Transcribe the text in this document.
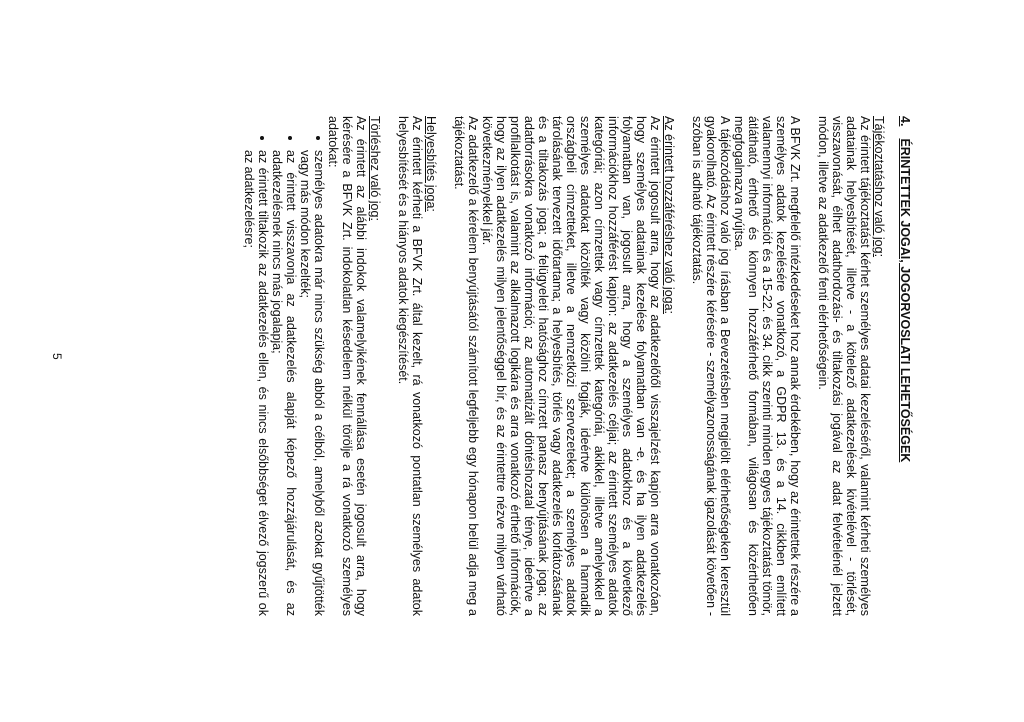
4.ÉRINTETTEK JOGAI, JOGORVOSLATI LEHETŐSÉGEK

Tájékoztatáshoz való jog:

Az érintett tájékoztatást kérhet személyes adatai kezeléséről, valamint kérheti személyes adatainak helyesbítését, illetve - a kötelező adatkezelések kivételével - törlését, visszavonását, élhet adathordozási- és tiltakozási jogával az adat felvételénél jelzett módon, illetve az adatkezelő fenti elérhetőségein.

A BFVK Zrt. megfelelő intézkedéseket hoz annak érdekében, hogy az érintettek részére a személyes adatok kezelésére vonatkozó, a GDPR 13. és a 14. cikkben említett valamennyi információt és a 15-22. és 34. cikk szerinti minden egyes tájékoztatást tömör, átlátható, érthető és könnyen hozzáférhető formában, világosan és közérthetően megfogalmazva nyújtsa.

A tájékozódáshoz való jog írásban a Bevezetésben megjelölt elérhetőségeken keresztül gyakorolható. Az érintett részére kérésére - személyazonosságának igazolását követően - szóban is adható tájékoztatás.

Az érintett hozzáféréshez való joga:

Az érintett jogosult arra, hogy az adatkezelőtől visszajelzést kapjon arra vonatkozóan, hogy személyes adatainak kezelése folyamatban van -e. és ha ilyen adatkezelés folyamatban van, jogosult arra, hogy a személyes adatokhoz és a következő információkhoz hozzáférést kapjon: az adatkezelés céljai; az érintett személyes adatok kategóriái; azon címzettek vagy címzettek kategóriái, akikkel, illetve amelyekkel a személyes adatokat közölték vagy közölni fogják, ideértve különösen a harmadik országbeli címzetteket, illetve a nemzetközi szervezeteket; a személyes adatok tárolásának tervezett időtartama; a helyesbítés, törlés vagy adatkezelés korlátozásának és a tiltakozás joga; a felügyeleti hatósághoz címzett panasz benyújtásának joga; az adatforrásokra vonatkozó információ; az automatizált döntéshozatal ténye, ideértve a profilalkotást is, valamint az alkalmazott logikára és arra vonatkozó érthető információk, hogy az ilyen adatkezelés milyen jelentőséggel bír, és az érintettre nézve milyen várható következményekkel jár.

Az adatkezelő a kérelem benyújtásától számított legfeljebb egy hónapon belül adja meg a tájékoztatást.

Helyesbítés joga:

Az érintett kérheti a BFVK Zrt. által kezelt, rá vonatkozó pontatlan személyes adatok helyesbítését és a hiányos adatok kiegészítését.

Törléshez való jog:

Az érintett az alábbi indokok valamelyikének fennállása esetén jogosult arra, hogy kérésére a BFVK Zrt. indokolatlan késedelem nélkül törölje a rá vonatkozó személyes adatokat:

• személyes adatokra már nincs szükség abból a célból, amelyből azokat gyűjtötték vagy más módon kezelték;
• az érintett visszavonja az adatkezelés alapját képező hozzájárulását, és az adatkezelésnek nincs más jogalapja;
• az érintett tiltakozik az adatkezelés ellen, és nincs elsőbbséget élvező jogszerű ok az adatkezelésre;
5
